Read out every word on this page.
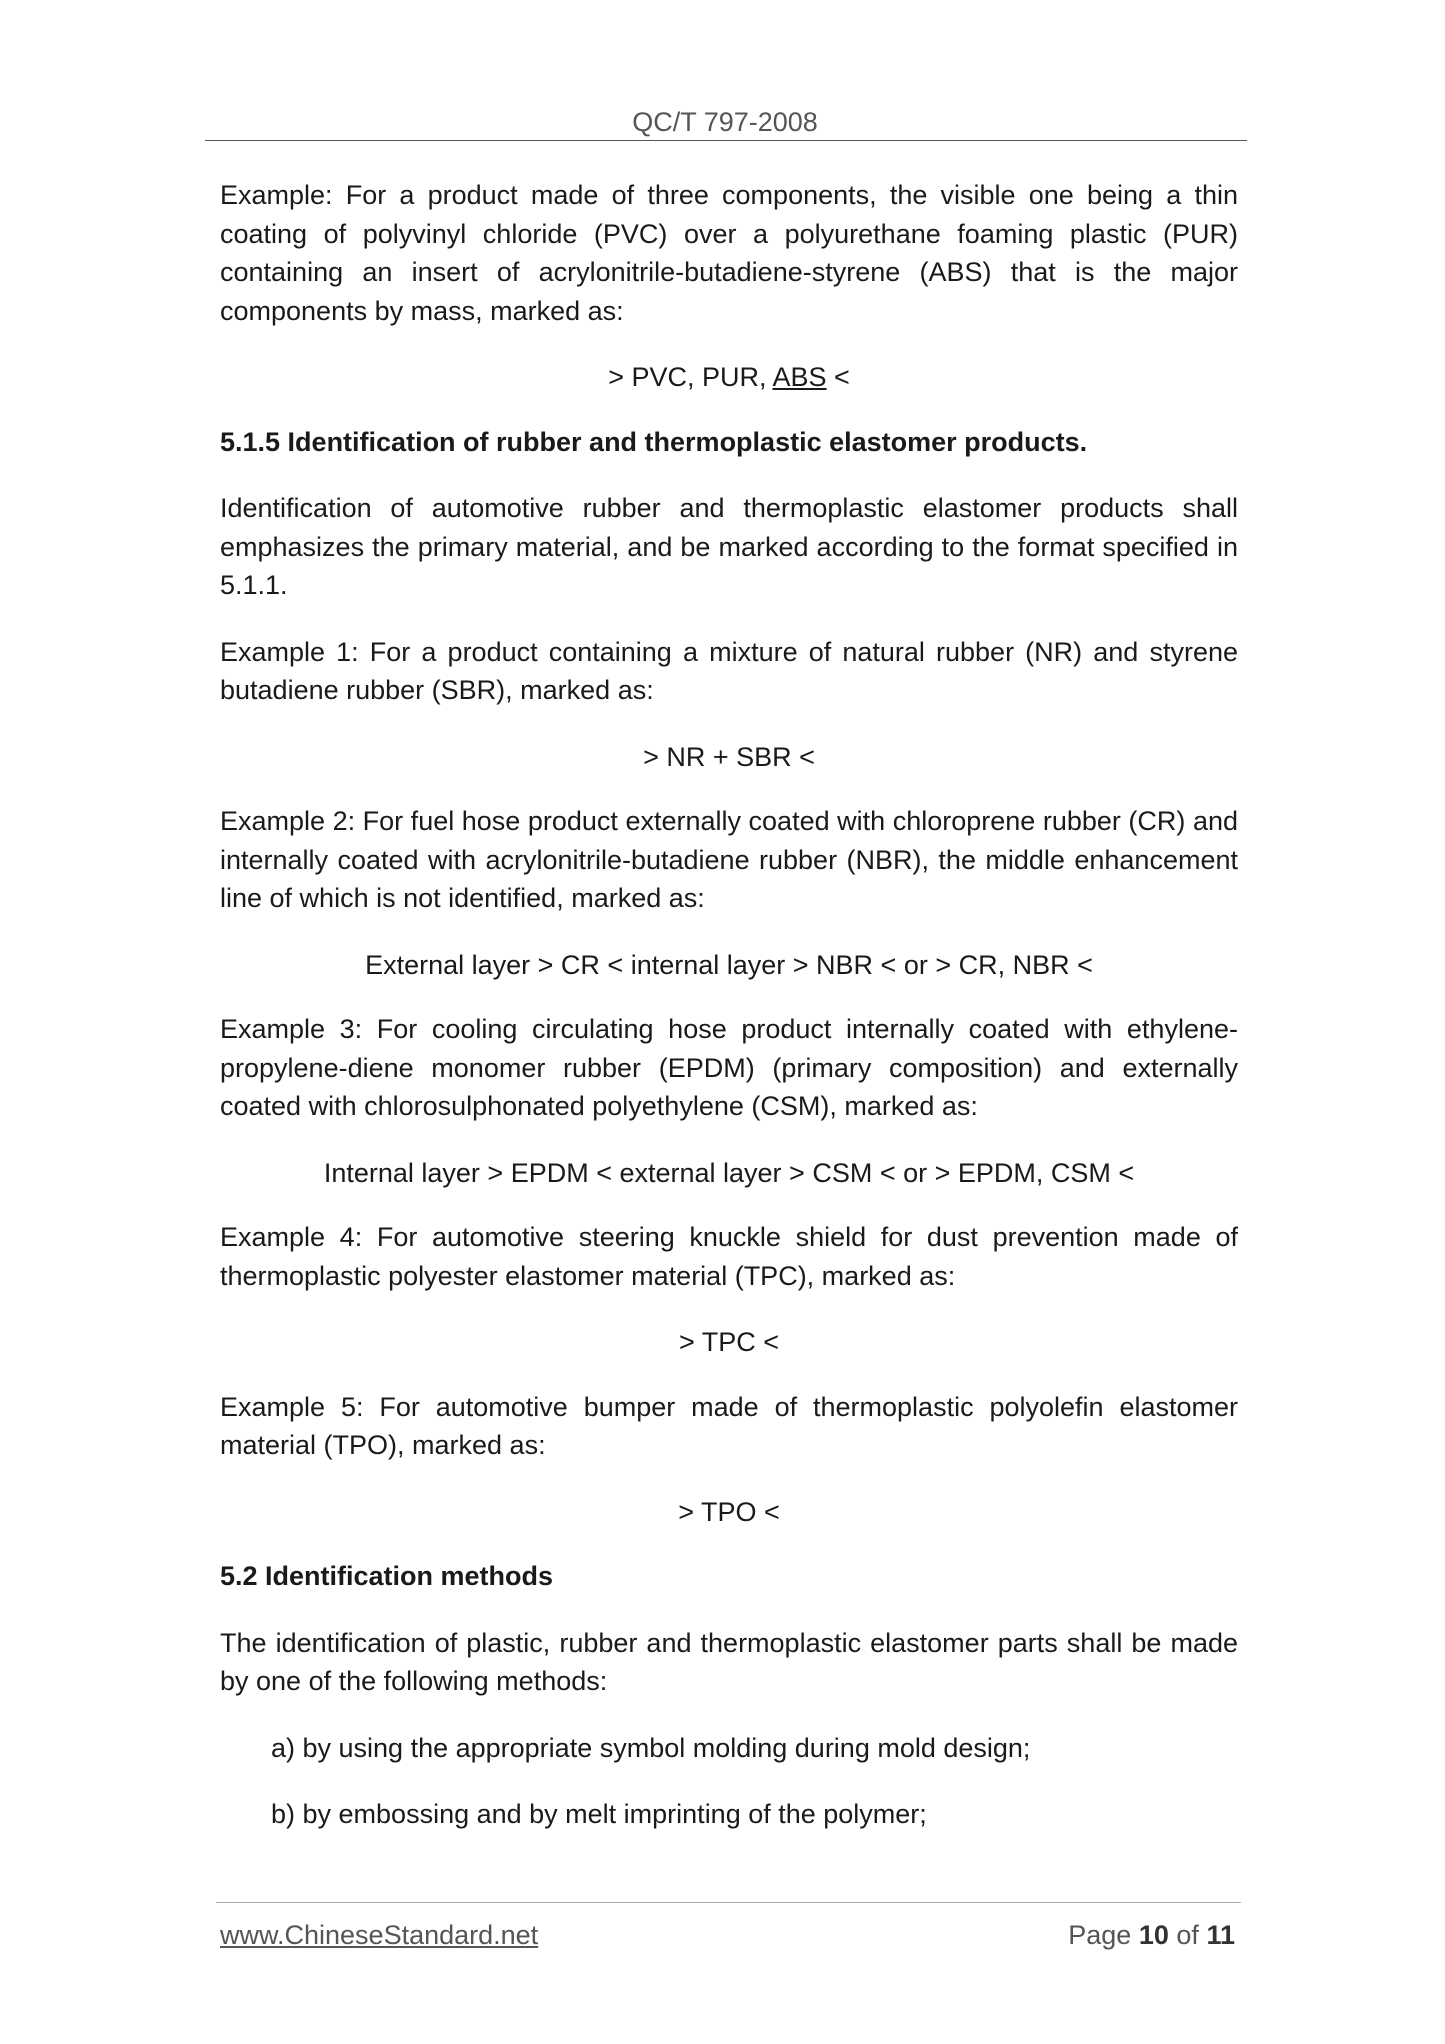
QC/T 797-2008

Example: For a product made of three components, the visible one being a thin coating of polyvinyl chloride (PVC) over a polyurethane foaming plastic (PUR) containing an insert of acrylonitrile-butadiene-styrene (ABS) that is the major components by mass, marked as:

> PVC, PUR, ABS <

5.1.5 Identification of rubber and thermoplastic elastomer products.

Identification of automotive rubber and thermoplastic elastomer products shall emphasizes the primary material, and be marked according to the format specified in 5.1.1.

Example 1: For a product containing a mixture of natural rubber (NR) and styrene butadiene rubber (SBR), marked as:

> NR + SBR <

Example 2: For fuel hose product externally coated with chloroprene rubber (CR) and internally coated with acrylonitrile-butadiene rubber (NBR), the middle enhancement line of which is not identified, marked as:

External layer > CR < internal layer > NBR < or > CR, NBR <

Example 3: For cooling circulating hose product internally coated with ethylene-propylene-diene monomer rubber (EPDM) (primary composition) and externally coated with chlorosulphonated polyethylene (CSM), marked as:

Internal layer > EPDM < external layer > CSM < or > EPDM, CSM <

Example 4: For automotive steering knuckle shield for dust prevention made of thermoplastic polyester elastomer material (TPC), marked as:

> TPC <

Example 5: For automotive bumper made of thermoplastic polyolefin elastomer material (TPO), marked as:

> TPO <

5.2 Identification methods

The identification of plastic, rubber and thermoplastic elastomer parts shall be made by one of the following methods:

a) by using the appropriate symbol molding during mold design;

b) by embossing and by melt imprinting of the polymer;

www.ChineseStandard.net	Page 10 of 11
